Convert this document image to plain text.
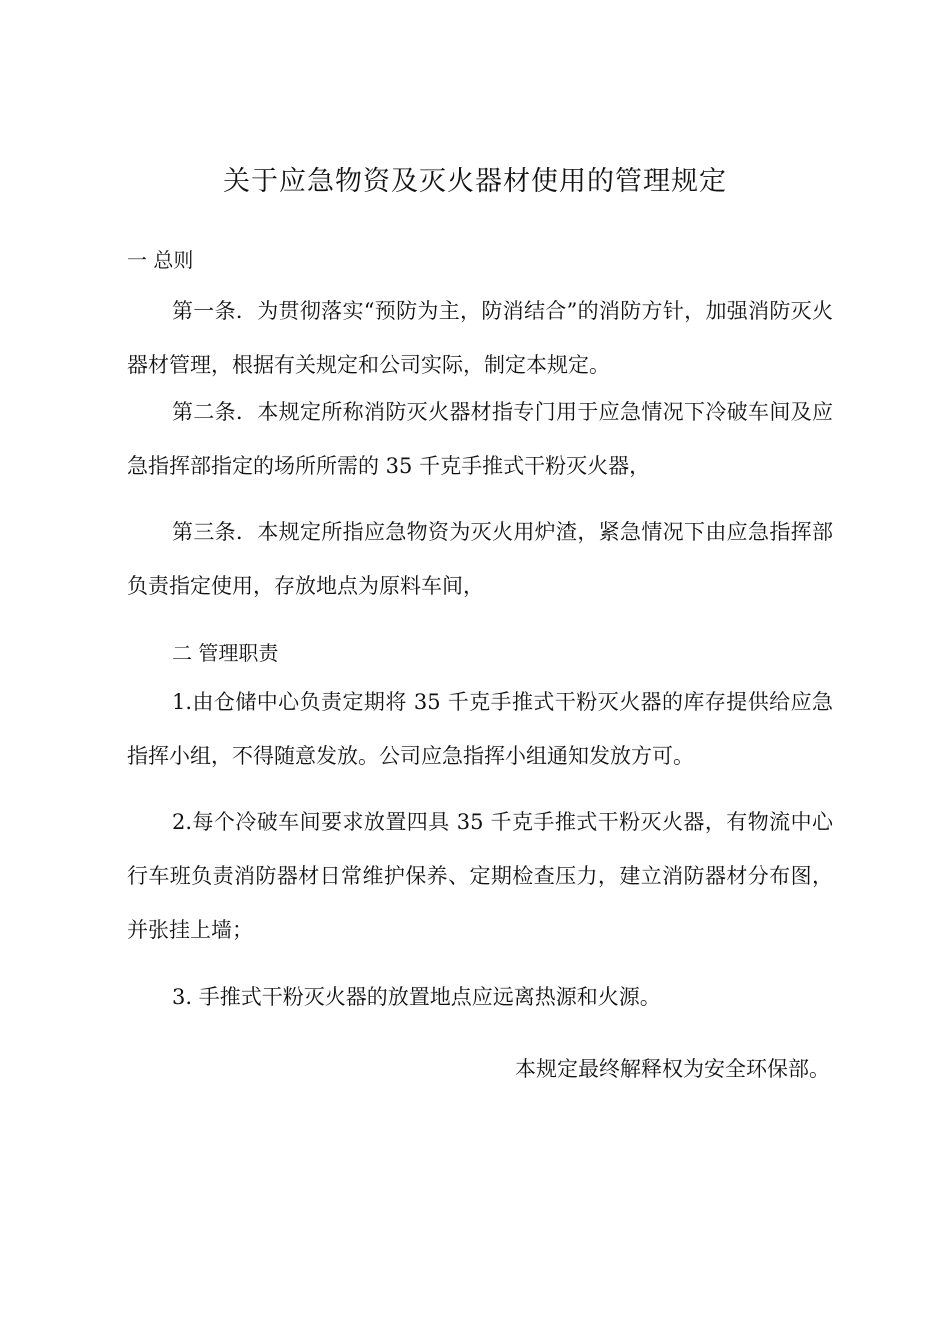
关于应急物资及灭火器材使用的管理规定
一 总则

第一条．为贯彻落实“预防为主，防消结合”的消防方针，加强消防灭火器材管理，根据有关规定和公司实际，制定本规定。

第二条．本规定所称消防灭火器材指专门用于应急情况下冷破车间及应急指挥部指定的场所所需的 35 千克手推式干粉灭火器，

第三条．本规定所指应急物资为灭火用炉渣，紧急情况下由应急指挥部负责指定使用，存放地点为原料车间，

二 管理职责

1.由仓储中心负责定期将 35 千克手推式干粉灭火器的库存提供给应急指挥小组，不得随意发放。公司应急指挥小组通知发放方可。

2.每个冷破车间要求放置四具 35 千克手推式干粉灭火器，有物流中心行车班负责消防器材日常维护保养、定期检查压力，建立消防器材分布图，并张挂上墙；

3. 手推式干粉灭火器的放置地点应远离热源和火源。

本规定最终解释权为安全环保部。
